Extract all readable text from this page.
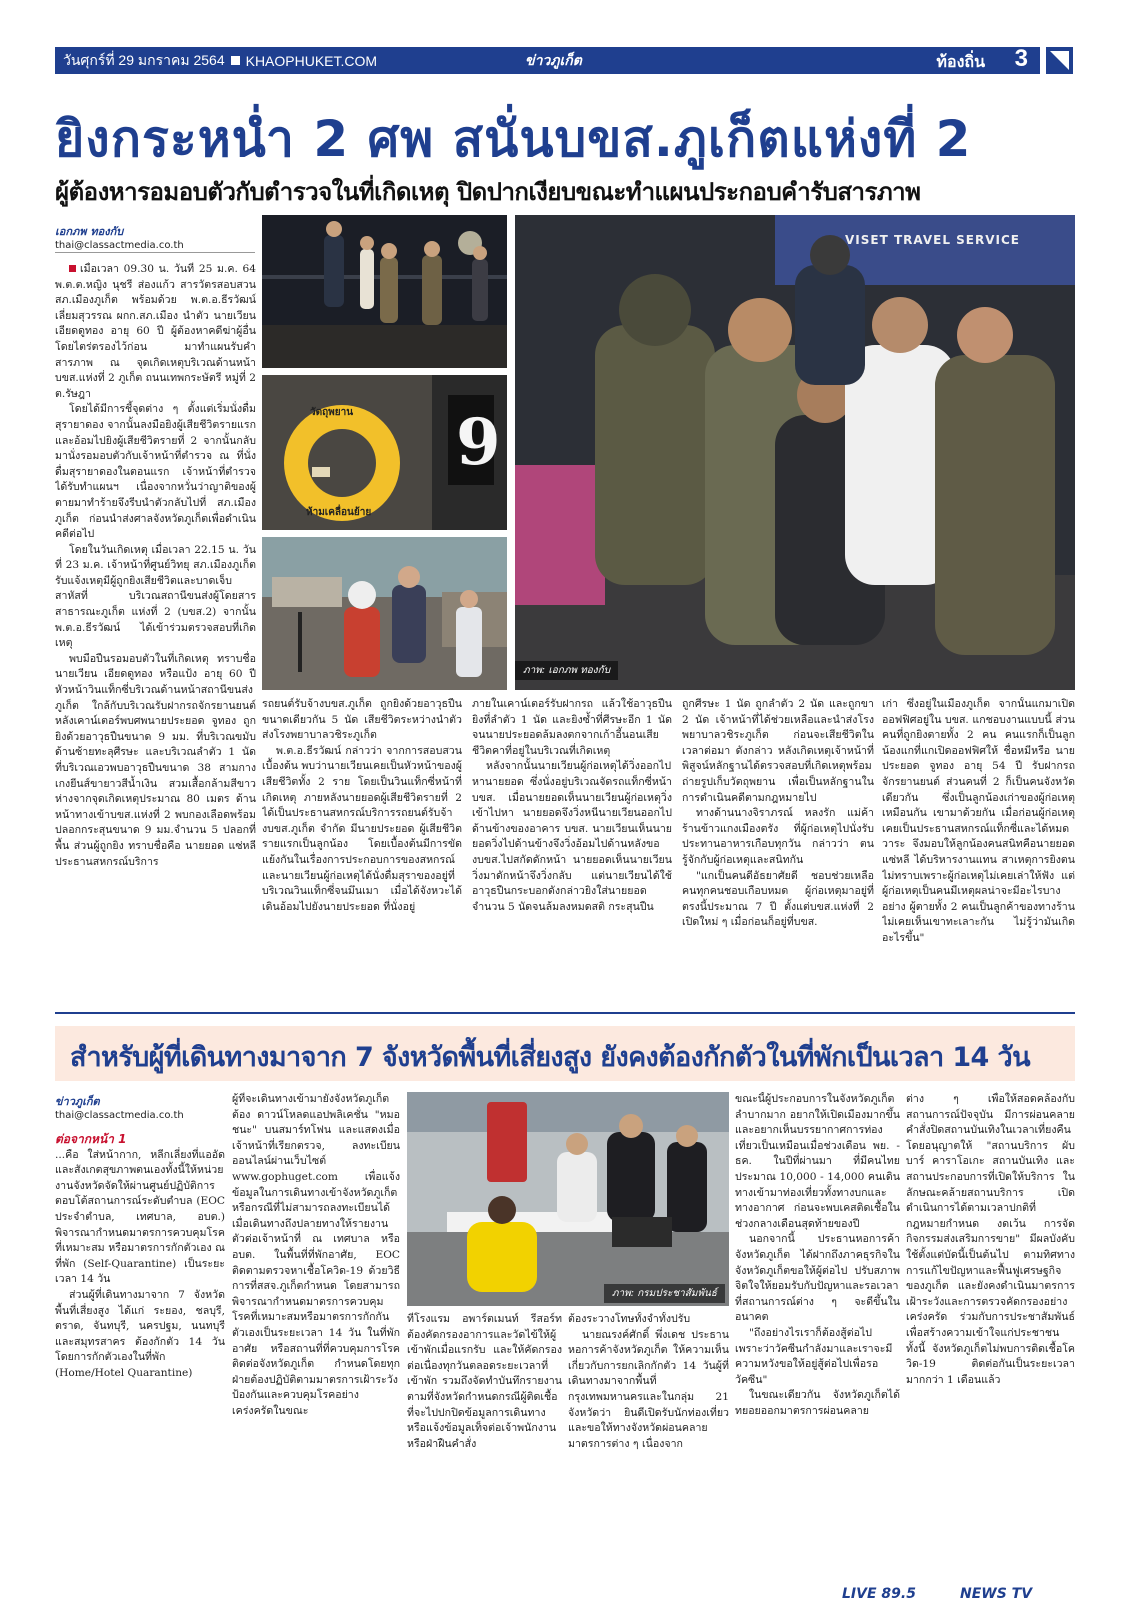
วันศุกร์ที่ 29 มกราคม 2564 KHAOPHUKET.COM	ข่าวภูเก็ต	ท้องถิ่น 3
ยิงกระหน่ำ 2 ศพ สนั่นบขส.ภูเก็ตแห่งที่ 2
ผู้ต้องหารอมอบตัวกับตำรวจในที่เกิดเหตุ ปิดปากเงียบขณะทำแผนประกอบคำรับสารภาพ
เอกภพ ทองกับ
thai@classactmedia.co.th

เมื่อเวลา 09.30 น. วันที่ 25 ม.ค. 64 พ.ต.ต.หญิง นุชรี ส่องแก้ว สารวัตรสอบสวน สภ.เมืองภูเก็ต พร้อมด้วย พ.ต.อ.ธีรวัฒน์ เลี่ยมสุวรรณ ผกก.สภ.เมือง นำตัว นายเวียน เอียดดูทอง อายุ 60 ปี ผู้ต้องหาคดีฆ่าผู้อื่นโดยไตร่ตรองไว้ก่อน มาทำแผนรับคำสารภาพ ณ จุดเกิดเหตุบริเวณด้านหน้า บขส.แห่งที่ 2 ภูเก็ต ถนนเทพกระษัตรี หมู่ที่ 2 ต.รัษฎา

โดยได้มีการชี้จุดต่าง ๆ ตั้งแต่เริ่มนั่งดื่มสุรายาดอง จากนั้นลงมือยิงผู้เสียชีวิตรายแรกและอ้อมไปยิงผู้เสียชีวิตรายที่ 2 จากนั้นกลับมานั่งรอมอบตัวกับเจ้าหน้าที่ตำรวจ ณ ที่นั่งดื่มสุรายาดองในตอนแรก เจ้าหน้าที่ตำรวจได้รับทำแผนฯ เนื่องจากหวั่นว่าญาติของผู้ตายมาทำร้ายจึงรีบนำตัวกลับไปที่ สภ.เมืองภูเก็ต ก่อนนำส่งศาลจังหวัดภูเก็ตเพื่อดำเนินคดีต่อไป

โดยในวันเกิดเหตุ เมื่อเวลา 22.15 น. วันที่ 23 ม.ค. เจ้าหน้าที่ศูนย์วิทยุ สภ.เมืองภูเก็ตรับแจ้งเหตุมีผู้ถูกยิงเสียชีวิตและบาดเจ็บสาหัสที่ บริเวณสถานีขนส่งผู้โดยสารสาธารณะภูเก็ต แห่งที่ 2 (บขส.2) จากนั้น พ.ต.อ.ธีรวัฒน์ ได้เข้าร่วมตรวจสอบที่เกิดเหตุ

พบมือปืนรอมอบตัวในที่เกิดเหตุ ทราบชื่อ นายเวียน เอียดดูทอง หรือแป้ง อายุ 60 ปี หัวหน้าวินแท็กซี่บริเวณด้านหน้าสถานีขนส่งภูเก็ต ใกล้กับบริเวณรับฝากรถจักรยานยนต์หลังเคาน์เตอร์พบศพนายประยอด จูทอง ถูกยิงด้วยอาวุธปืนขนาด 9 มม. ที่บริเวณขมับด้านซ้ายทะลุศีรษะ และบริเวณลำตัว 1 นัด ที่บริเวณเอวพบอาวุธปืนขนาด 38 สามกางเกงยีนส์ขายาวสีน้ำเงิน สวมเสื้อกล้ามสีขาว ห่างจากจุดเกิดเหตุประมาณ 80 เมตร ด้านหน้าทางเข้าบขส.แห่งที่ 2 พบกองเลือดพร้อมปลอกกระสุนขนาด 9 มม.จำนวน 5 ปลอกที่พื้น ส่วนผู้ถูกยิง ทราบชื่อคือ นายยอด แซ่หลี ประธานสหกรณ์บริการ

วัตถุพยาน
ห้ามเคลื่อนย้าย
9
VISET TRAVEL SERVICE
ภาพ: เอกภพ ทองกับ

รถยนต์รับจ้างบขส.ภูเก็ต ถูกยิงด้วยอาวุธปืนขนาดเดียวกัน 5 นัด เสียชีวิตระหว่างนำตัวส่งโรงพยาบาลวชิระภูเก็ต

พ.ต.อ.ธีรวัฒน์ กล่าวว่า จากการสอบสวนเบื้องต้น พบว่านายเวียนเคยเป็นหัวหน้าของผู้เสียชีวิตทั้ง 2 ราย โดยเป็นวินแท็กซี่หน้าที่เกิดเหตุ ภายหลังนายยอดผู้เสียชีวิตรายที่ 2 ได้เป็นประธานสหกรณ์บริการรถยนต์รับจ้างบขส.ภูเก็ต จำกัด มีนายประยอด ผู้เสียชีวิตรายแรกเป็นลูกน้อง โดยเบื้องต้นมีการขัดแย้งกันในเรื่องการประกอบการของสหกรณ์ และนายเวียนผู้ก่อเหตุได้นั่งดื่มสุราของอยู่ที่บริเวณวินแท็กซี่จนมึนเมา เมื่อได้จังหวะได้เดินอ้อมไปยังนายประยอด ที่นั่งอยู่

ภายในเคาน์เตอร์รับฝากรถ แล้วใช้อาวุธปืนยิงที่ลำตัว 1 นัด และยิงซ้ำที่ศีรษะอีก 1 นัด จนนายประยอดล้มลงตกจากเก้าอี้นอนเสียชีวิตคาที่อยู่ในบริเวณที่เกิดเหตุ

หลังจากนั้นนายเวียนผู้ก่อเหตุได้วิ่งออกไปหานายยอด ซึ่งนั่งอยู่บริเวณจัดรถแท็กซี่หน้าบขส. เมื่อนายยอดเห็นนายเวียนผู้ก่อเหตุวิ่งเข้าไปหา นายยอดจึงวิ่งหนีนายเวียนออกไปด้านข้างของอาคาร บขส. นายเวียนเห็นนายยอดวิ่งไปด้านข้างจึงวิ่งอ้อมไปด้านหลังของบขส.ไปสกัดดักหน้า นายยอดเห็นนายเวียนวิ่งมาดักหน้าจึงวิ่งกลับ แต่นายเวียนได้ใช้อาวุธปืนกระบอกดังกล่าวยิงใส่นายยอดจำนวน 5 นัดจนล้มลงหมดสติ กระสุนปืน

ถูกศีรษะ 1 นัด ถูกลำตัว 2 นัด และถูกขา 2 นัด เจ้าหน้าที่ได้ช่วยเหลือและนำส่งโรงพยาบาลวชิระภูเก็ต ก่อนจะเสียชีวิตในเวลาต่อมา ดังกล่าว หลังเกิดเหตุเจ้าหน้าที่พิสูจน์หลักฐานได้ตรวจสอบที่เกิดเหตุพร้อมถ่ายรูปเก็บวัตถุพยาน เพื่อเป็นหลักฐานในการดำเนินคดีตามกฎหมายไป

ทางด้านนางจิราภรณ์ หลงรัก แม่ค้าร้านข้าวแกงเมืองตรัง ที่ผู้ก่อเหตุไปนั่งรับประทานอาหารเกือบทุกวัน กล่าวว่า ตนรู้จักกับผู้ก่อเหตุและสนิทกัน

"แกเป็นคนดีอัธยาศัยดี ชอบช่วยเหลือคนทุกคนชอบเกือบหมด ผู้ก่อเหตุมาอยู่ที่ตรงนี้ประมาณ 7 ปี ตั้งแต่บขส.แห่งที่ 2 เปิดใหม่ ๆ เมื่อก่อนก็อยู่ที่บขส.

เก่า ซึ่งอยู่ในเมืองภูเก็ต จากนั้นแกมาเปิดออฟฟิศอยู่ใน บขส. แกชอบงานแบบนี้ ส่วนคนที่ถูกยิงตายทั้ง 2 คน คนแรกก็เป็นลูกน้องแกที่แกเปิดออฟฟิศให้ ชื่อหมีหรือ นายประยอด จูทอง อายุ 54 ปี รับฝากรถจักรยานยนต์ ส่วนคนที่ 2 ก็เป็นคนจังหวัดเดียวกัน ซึ่งเป็นลูกน้องเก่าของผู้ก่อเหตุเหมือนกัน เขามาด้วยกัน เมื่อก่อนผู้ก่อเหตุเคยเป็นประธานสหกรณ์แท็กซี่และได้หมดวาระ จึงมอบให้ลูกน้องคนสนิทคือนายยอด แซ่หลี ได้บริหารงานแทน สาเหตุการยิงตนไม่ทราบเพราะผู้ก่อเหตุไม่เคยเล่าให้ฟัง แต่ผู้ก่อเหตุเป็นคนมีเหตุผลน่าจะมีอะไรบางอย่าง ผู้ตายทั้ง 2 คนเป็นลูกค้าของทางร้าน ไม่เคยเห็นเขาทะเลาะกัน ไม่รู้ว่ามันเกิดอะไรขึ้น"

สำหรับผู้ที่เดินทางมาจาก 7 จังหวัดพื้นที่เสี่ยงสูง ยังคงต้องกักตัวในที่พักเป็นเวลา 14 วัน
ข่าวภูเก็ต
thai@classactmedia.co.th
ต่อจากหน้า 1

...คือ ใส่หน้ากาก, หลีกเลี่ยงที่แออัด และสังเกตสุขภาพตนเองทั้งนี้ให้หน่วยงานจังหวัดจัดให้ผ่านศูนย์ปฏิบัติการตอบโต้สถานการณ์ระดับตำบล (EOC ประจำตำบล, เทศบาล, อบต.) พิจารณากำหนดมาตรการควบคุมโรคที่เหมาะสม หรือมาตรการกักตัวเอง ณ ที่พัก (Self-Quarantine) เป็นระยะเวลา 14 วัน

ส่วนผู้ที่เดินทางมาจาก 7 จังหวัดพื้นที่เสี่ยงสูง ได้แก่ ระยอง, ชลบุรี, ตราด, จันทบุรี, นครปฐม, นนทบุรี และสมุทรสาคร ต้องกักตัว 14 วัน โดยการกักตัวเองในที่พัก (Home/Hotel Quarantine)

ผู้ที่จะเดินทางเข้ามายังจังหวัดภูเก็ตต้อง ดาวน์โหลดแอปพลิเคชั่น "หมอชนะ" บนสมาร์ทโฟน และแสดงเมื่อเจ้าหน้าที่เรียกตรวจ, ลงทะเบียนออนไลน์ผ่านเว็บไซต์ www.gophuget.com เพื่อแจ้งข้อมูลในการเดินทางเข้าจังหวัดภูเก็ต หรือกรณีที่ไม่สามารถลงทะเบียนได้ เมื่อเดินทางถึงปลายทางให้รายงานตัวต่อเจ้าหน้าที่ ณ เทศบาล หรือ อบต. ในพื้นที่ที่พักอาศัย, EOC ติดตามตรวจหาเชื้อโควิด-19 ด้วยวิธีการที่สสจ.ภูเก็ตกำหนด โดยสามารถพิจารณากำหนดมาตรการควบคุมโรคที่เหมาะสมหรือมาตรการกักกันตัวเองเป็นระยะเวลา 14 วัน ในที่พักอาศัย หรือสถานที่ที่ควบคุมการโรคติดต่อจังหวัดภูเก็ต กำหนดโดยทุกฝ่ายต้องปฏิบัติตามมาตรการเฝ้าระวังป้องกันและควบคุมโรคอย่างเคร่งครัดในขณะ

ภาพ: กรมประชาสัมพันธ์

ที่โรงแรม อพาร์ตเมนท์ รีสอร์ท ต้องคัดกรองอาการและวัดไข้ให้ผู้เข้าพักเมื่อแรกรับ และให้คัดกรองต่อเนื่องทุกวันตลอดระยะเวลาที่เข้าพัก รวมถึงจัดทำบันทึกรายงานตามที่จังหวัดกำหนดกรณีผู้ติดเชื้อที่จะไปปกปิดข้อมูลการเดินทางหรือแจ้งข้อมูลเท็จต่อเจ้าพนักงาน หรือฝ่าฝืนคำสั่ง

ต้องระวางโทษทั้งจำทั้งปรับ

นายณรงค์ศักดิ์ พึ่งเดช ประธานหอการค้าจังหวัดภูเก็ต ให้ความเห็นเกี่ยวกับการยกเลิกกักตัว 14 วันผู้ที่เดินทางมาจากพื้นที่กรุงเทพมหานครและในกลุ่ม 21 จังหวัดว่า ยินดีเปิดรับนักท่องเที่ยวและขอให้ทางจังหวัดผ่อนคลายมาตรการต่าง ๆ เนื่องจาก

ขณะนี้ผู้ประกอบการในจังหวัดภูเก็ตลำบากมาก อยากให้เปิดเมืองมากขึ้นและอยากเห็นบรรยากาศการท่องเที่ยวเป็นเหมือนเมื่อช่วงเดือน พย. - ธค. ในปีที่ผ่านมา ที่มีคนไทยประมาณ 10,000 - 14,000 คนเดินทางเข้ามาท่องเที่ยวทั้งทางบกและทางอากาศ ก่อนจะพบเคสติดเชื้อในช่วงกลางเดือนสุดท้ายของปี

นอกจากนี้ ประธานหอการค้าจังหวัดภูเก็ต ได้ฝากถึงภาคธุรกิจในจังหวัดภูเก็ตขอให้ผู้ต่อไป ปรับสภาพจิตใจให้ยอมรับกับปัญหาและรอเวลาที่สถานการณ์ต่าง ๆ จะดีขึ้นในอนาคต

"ถึงอย่างไรเราก็ต้องสู้ต่อไป เพราะว่าวัคซีนกำลังมาและเราจะมีความหวังขอให้อยู่สู้ต่อไปเพื่อรอวัคซีน"

ในขณะเดียวกัน จังหวัดภูเก็ตได้ทยอยออกมาตรการผ่อนคลาย

ต่าง ๆ เพื่อให้สอดคล้องกับสถานการณ์ปัจจุบัน มีการผ่อนคลายคำสั่งปิดสถานบันเทิงในเวลาเที่ยงคืน โดยอนุญาตให้ "สถานบริการ ผับ บาร์ คาราโอเกะ สถานบันเทิง และสถานประกอบการที่เปิดให้บริการ ในลักษณะคล้ายสถานบริการ เปิดดำเนินการได้ตามเวลาปกติที่กฎหมายกำหนด งดเว้น การจัดกิจกรรมส่งเสริมการขาย" มีผลบังคับใช้ตั้งแต่บัดนี้เป็นต้นไป ตามทิศทางการแก้ไขปัญหาและฟื้นฟูเศรษฐกิจของภูเก็ต และยังคงดำเนินมาตรการเฝ้าระวังและการตรวจคัดกรองอย่างเคร่งครัด ร่วมกับการประชาสัมพันธ์ เพื่อสร้างความเข้าใจแก่ประชาชนทั้งนี้ จังหวัดภูเก็ตไม่พบการติดเชื้อโควิด-19 ติดต่อกันเป็นระยะเวลามากกว่า 1 เดือนแล้ว

LIVE 89.5	NEWS TV
